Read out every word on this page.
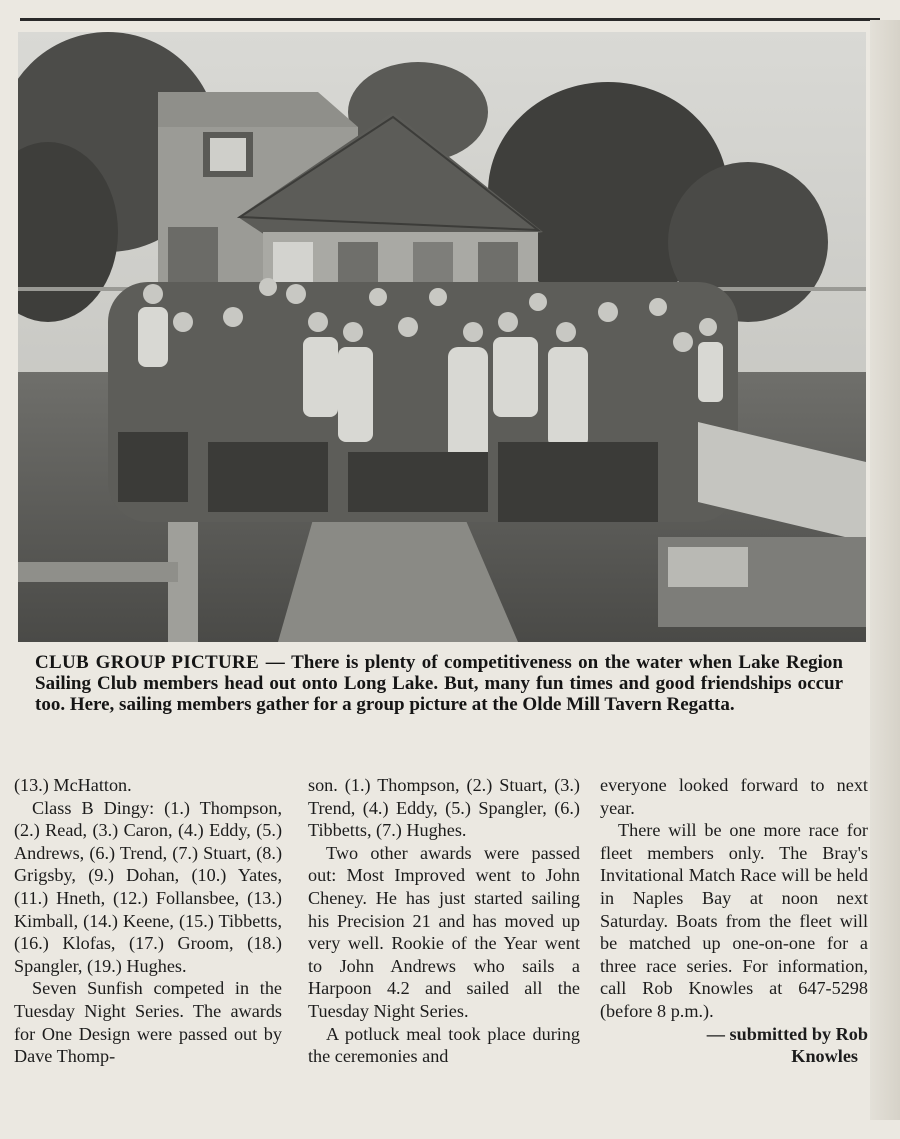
CLUB GROUP PICTURE — There is plenty of competitiveness on the water when Lake Region Sailing Club members head out onto Long Lake. But, many fun times and good friendships occur too. Here, sailing members gather for a group picture at the Olde Mill Tavern Regatta.

(13.) McHatton.

Class B Dingy: (1.) Thompson, (2.) Read, (3.) Caron, (4.) Eddy, (5.) Andrews, (6.) Trend, (7.) Stuart, (8.) Grigsby, (9.) Dohan, (10.) Yates, (11.) Hneth, (12.) Follansbee, (13.) Kimball, (14.) Keene, (15.) Tibbetts, (16.) Klofas, (17.) Groom, (18.) Spangler, (19.) Hughes.

Seven Sunfish competed in the Tuesday Night Series. The awards for One Design were passed out by Dave Thomp-

son. (1.) Thompson, (2.) Stuart, (3.) Trend, (4.) Eddy, (5.) Spangler, (6.) Tibbetts, (7.) Hughes.

Two other awards were passed out: Most Improved went to John Cheney. He has just started sailing his Precision 21 and has moved up very well. Rookie of the Year went to John Andrews who sails a Harpoon 4.2 and sailed all the Tuesday Night Series.

A potluck meal took place during the ceremonies and

everyone looked forward to next year.

There will be one more race for fleet members only. The Bray's Invitational Match Race will be held in Naples Bay at noon next Saturday. Boats from the fleet will be matched up one-on-one for a three race series. For information, call Rob Knowles at 647-5298 (before 8 p.m.).

— submitted by Rob

Knowles
